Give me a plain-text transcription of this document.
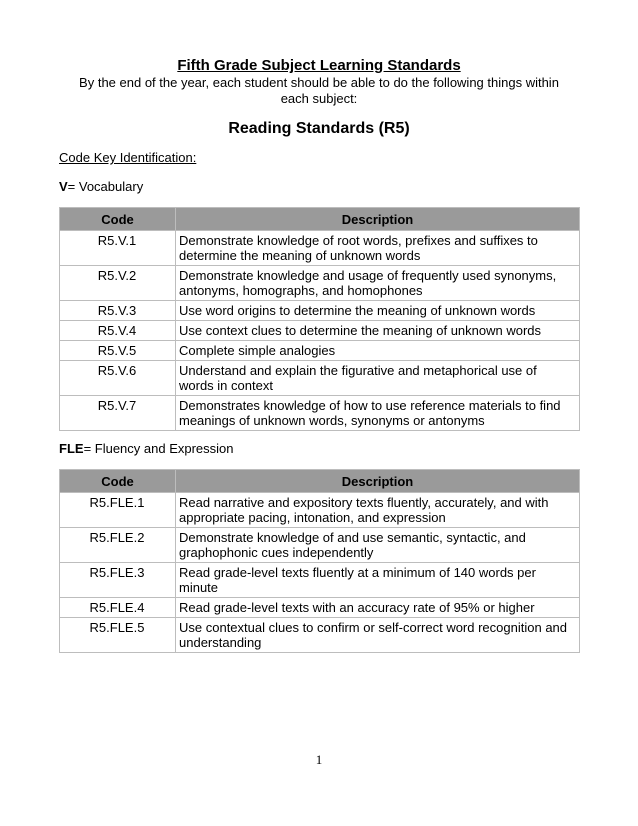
Fifth Grade Subject Learning Standards
By the end of the year, each student should be able to do the following things within each subject:
Reading Standards (R5)
Code Key Identification:
V= Vocabulary
Code	Description
R5.V.1	Demonstrate knowledge of root words, prefixes and suffixes to determine the meaning of unknown words
R5.V.2	Demonstrate knowledge and usage of frequently used synonyms, antonyms, homographs, and homophones
R5.V.3	Use word origins to determine the meaning of unknown words
R5.V.4	Use context clues to determine the meaning of unknown words
R5.V.5	Complete simple analogies
R5.V.6	Understand and explain the figurative and metaphorical use of words in context
R5.V.7	Demonstrates knowledge of how to use reference materials to find meanings of unknown words, synonyms or antonyms
FLE= Fluency and Expression
Code	Description
R5.FLE.1	Read narrative and expository texts fluently, accurately, and with appropriate pacing, intonation, and expression
R5.FLE.2	Demonstrate knowledge of and use semantic, syntactic, and graphophonic cues independently
R5.FLE.3	Read grade-level texts fluently at a minimum of 140 words per minute
R5.FLE.4	Read grade-level texts with an accuracy rate of 95% or higher
R5.FLE.5	Use contextual clues to confirm or self-correct word recognition and understanding
1
